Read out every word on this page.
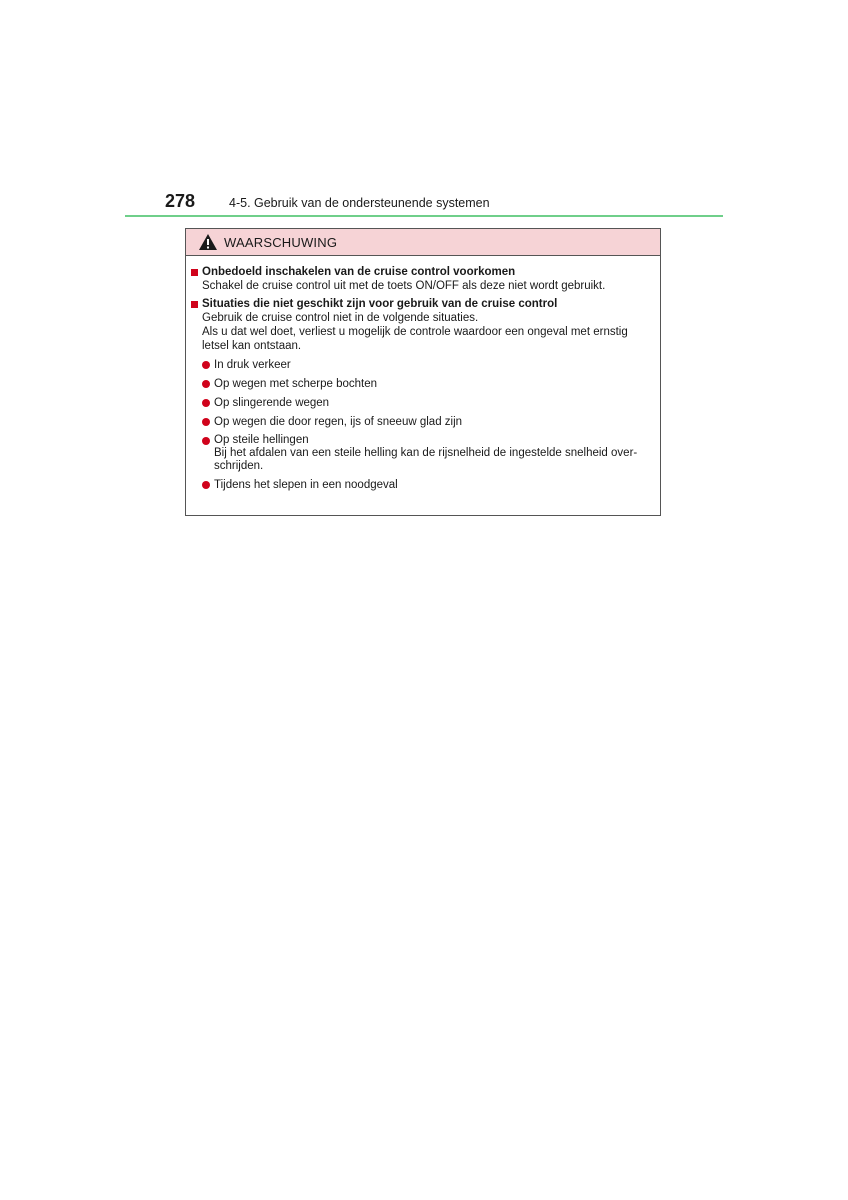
278	4-5. Gebruik van de ondersteunende systemen
WAARSCHUWING
Onbedoeld inschakelen van de cruise control voorkomen
Schakel de cruise control uit met de toets ON/OFF als deze niet wordt gebruikt.
Situaties die niet geschikt zijn voor gebruik van de cruise control
Gebruik de cruise control niet in de volgende situaties.
Als u dat wel doet, verliest u mogelijk de controle waardoor een ongeval met ernstig letsel kan ontstaan.
In druk verkeer
Op wegen met scherpe bochten
Op slingerende wegen
Op wegen die door regen, ijs of sneeuw glad zijn
Op steile hellingen
Bij het afdalen van een steile helling kan de rijsnelheid de ingestelde snelheid over-schrijden.
Tijdens het slepen in een noodgeval
